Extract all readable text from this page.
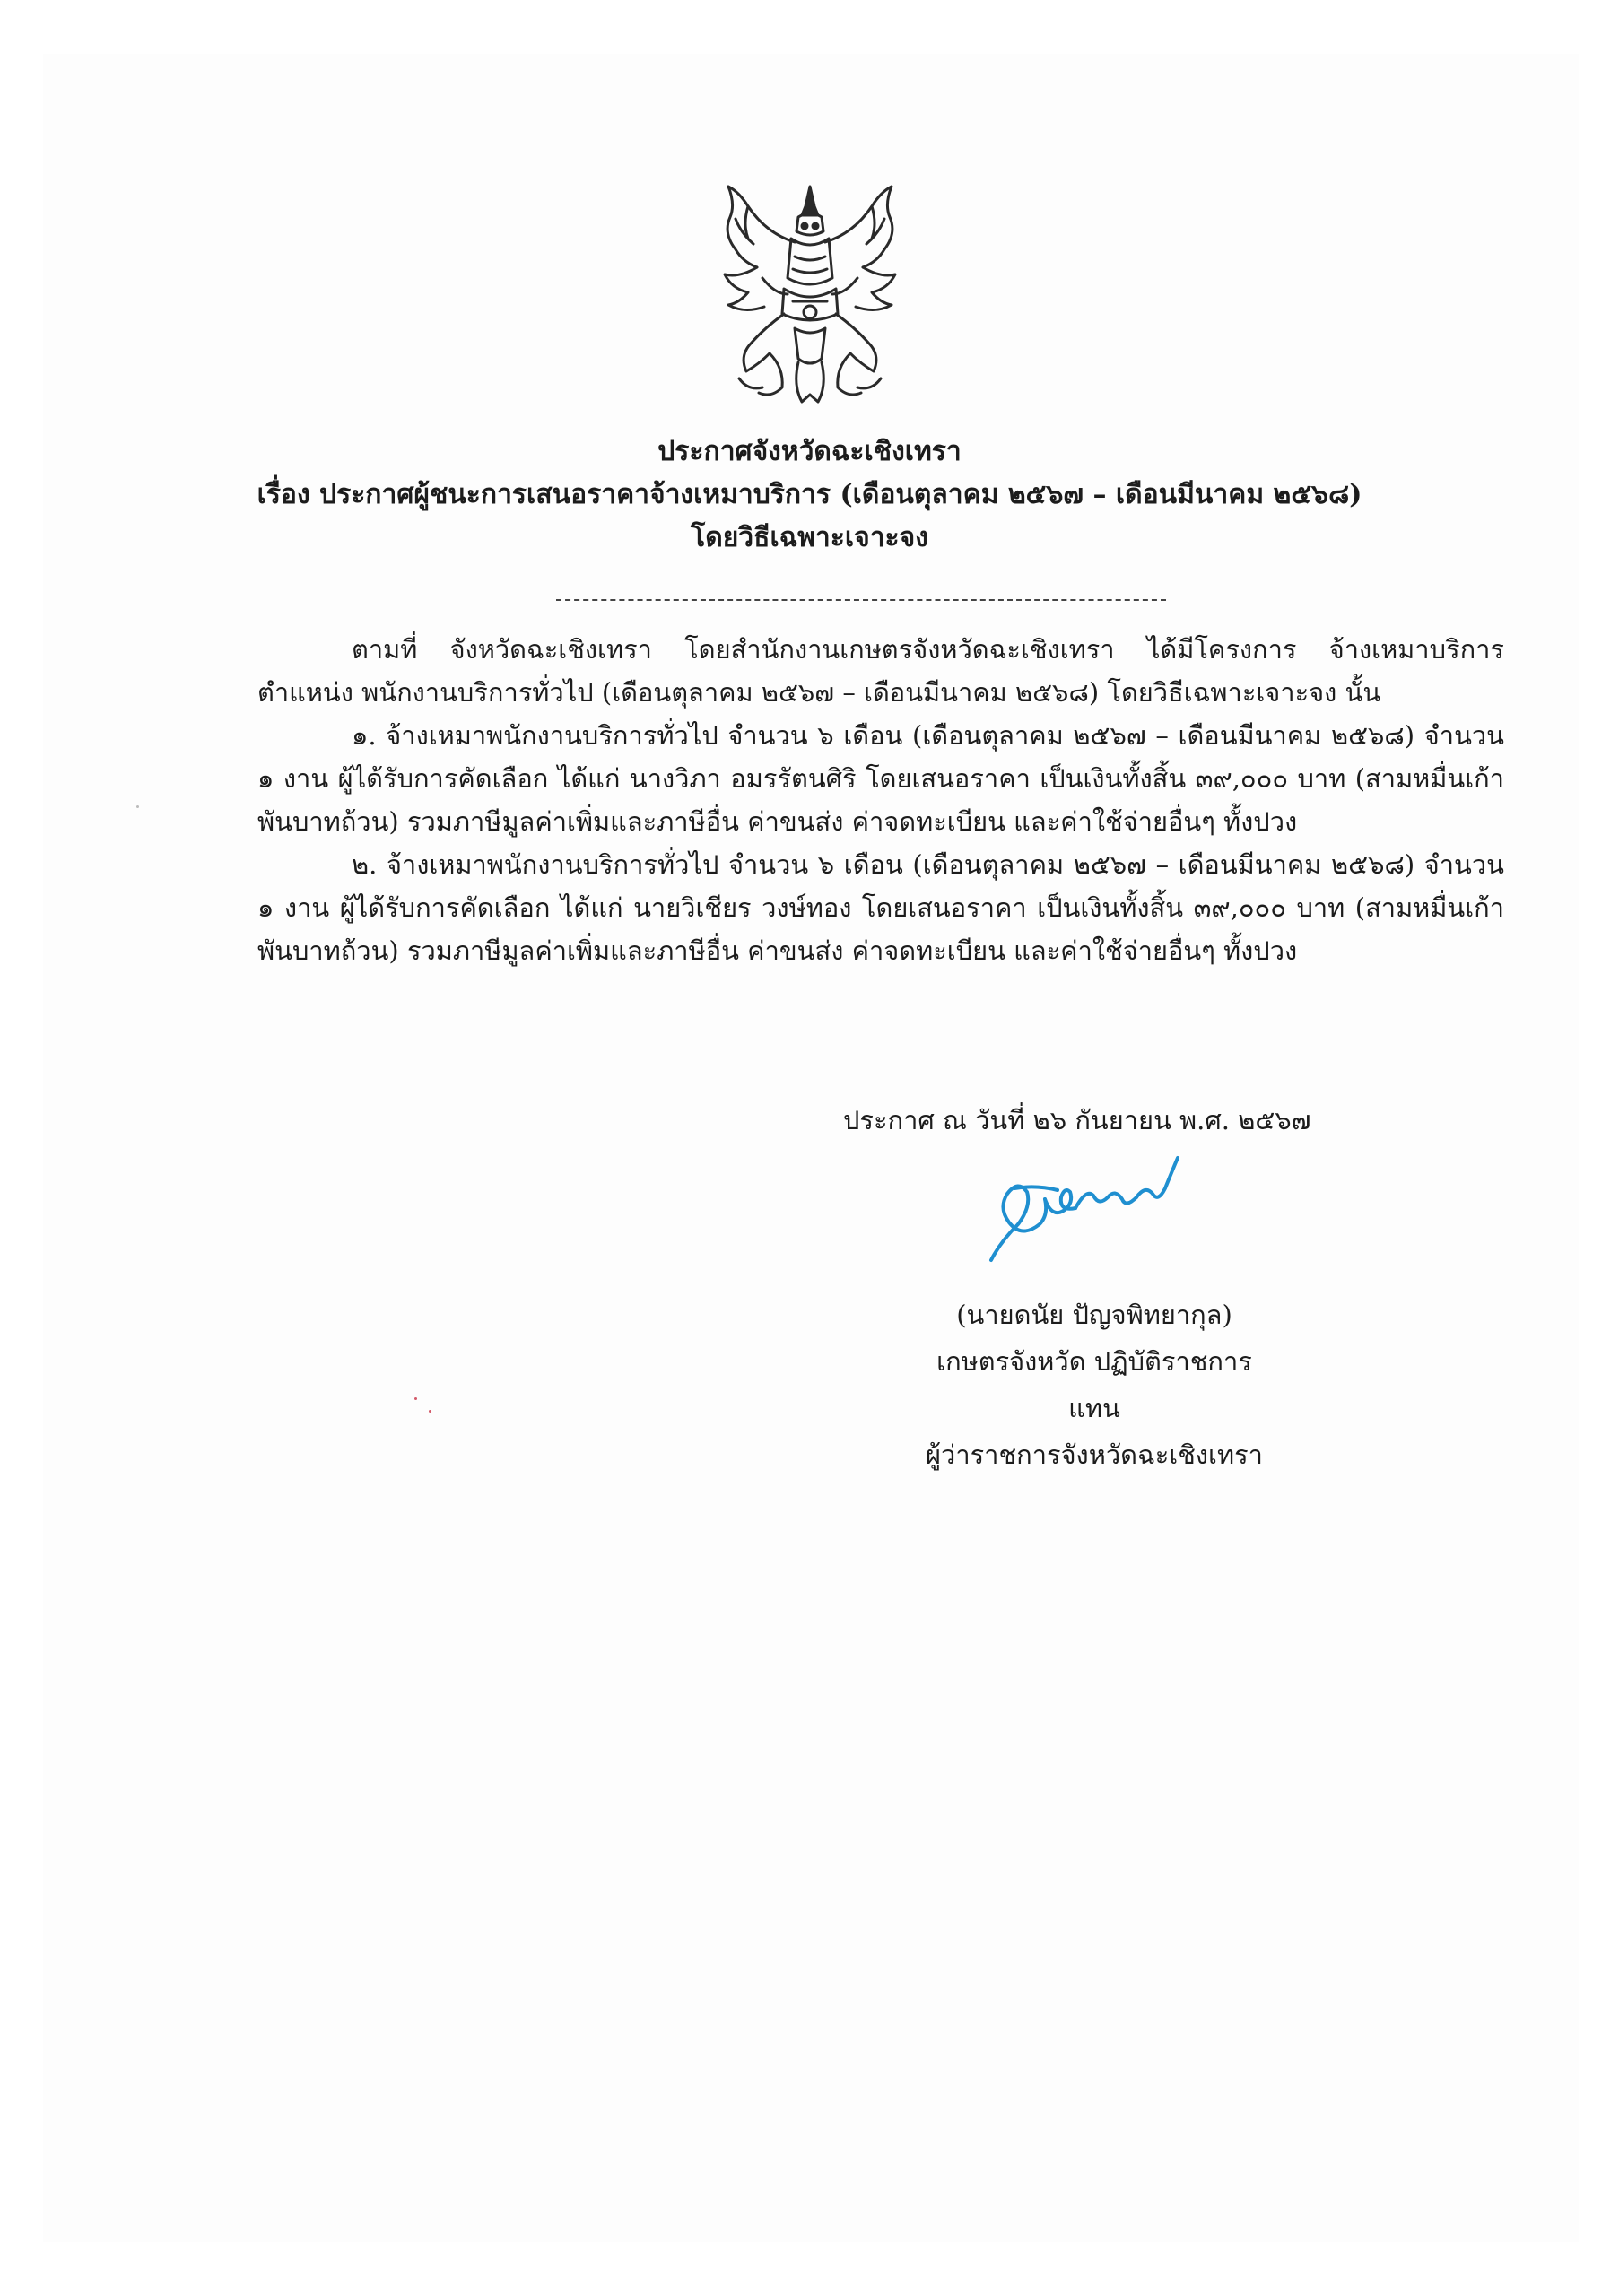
ประกาศจังหวัดฉะเชิงเทรา
เรื่อง ประกาศผู้ชนะการเสนอราคาจ้างเหมาบริการ (เดือนตุลาคม ๒๕๖๗ – เดือนมีนาคม ๒๕๖๘)
โดยวิธีเฉพาะเจาะจง

ตามที่ จังหวัดฉะเชิงเทรา โดยสำนักงานเกษตรจังหวัดฉะเชิงเทรา ได้มีโครงการ จ้างเหมาบริการ ตำแหน่ง พนักงานบริการทั่วไป (เดือนตุลาคม ๒๕๖๗ – เดือนมีนาคม ๒๕๖๘) โดยวิธีเฉพาะเจาะจง นั้น

๑. จ้างเหมาพนักงานบริการทั่วไป จำนวน ๖ เดือน (เดือนตุลาคม ๒๕๖๗ – เดือนมีนาคม ๒๕๖๘) จำนวน ๑ งาน ผู้ได้รับการคัดเลือก ได้แก่ นางวิภา อมรรัตนศิริ โดยเสนอราคา เป็นเงินทั้งสิ้น ๓๙,๐๐๐ บาท (สามหมื่นเก้าพันบาทถ้วน) รวมภาษีมูลค่าเพิ่มและภาษีอื่น ค่าขนส่ง ค่าจดทะเบียน และค่าใช้จ่ายอื่นๆ ทั้งปวง

๒. จ้างเหมาพนักงานบริการทั่วไป จำนวน ๖ เดือน (เดือนตุลาคม ๒๕๖๗ – เดือนมีนาคม ๒๕๖๘) จำนวน ๑ งาน ผู้ได้รับการคัดเลือก ได้แก่ นายวิเชียร วงษ์ทอง โดยเสนอราคา เป็นเงินทั้งสิ้น ๓๙,๐๐๐ บาท (สามหมื่นเก้าพันบาทถ้วน) รวมภาษีมูลค่าเพิ่มและภาษีอื่น ค่าขนส่ง ค่าจดทะเบียน และค่าใช้จ่ายอื่นๆ ทั้งปวง

ประกาศ ณ วันที่ ๒๖ กันยายน พ.ศ. ๒๕๖๗
(นายดนัย ปัญจพิทยากุล)
เกษตรจังหวัด ปฏิบัติราชการแทน
ผู้ว่าราชการจังหวัดฉะเชิงเทรา
